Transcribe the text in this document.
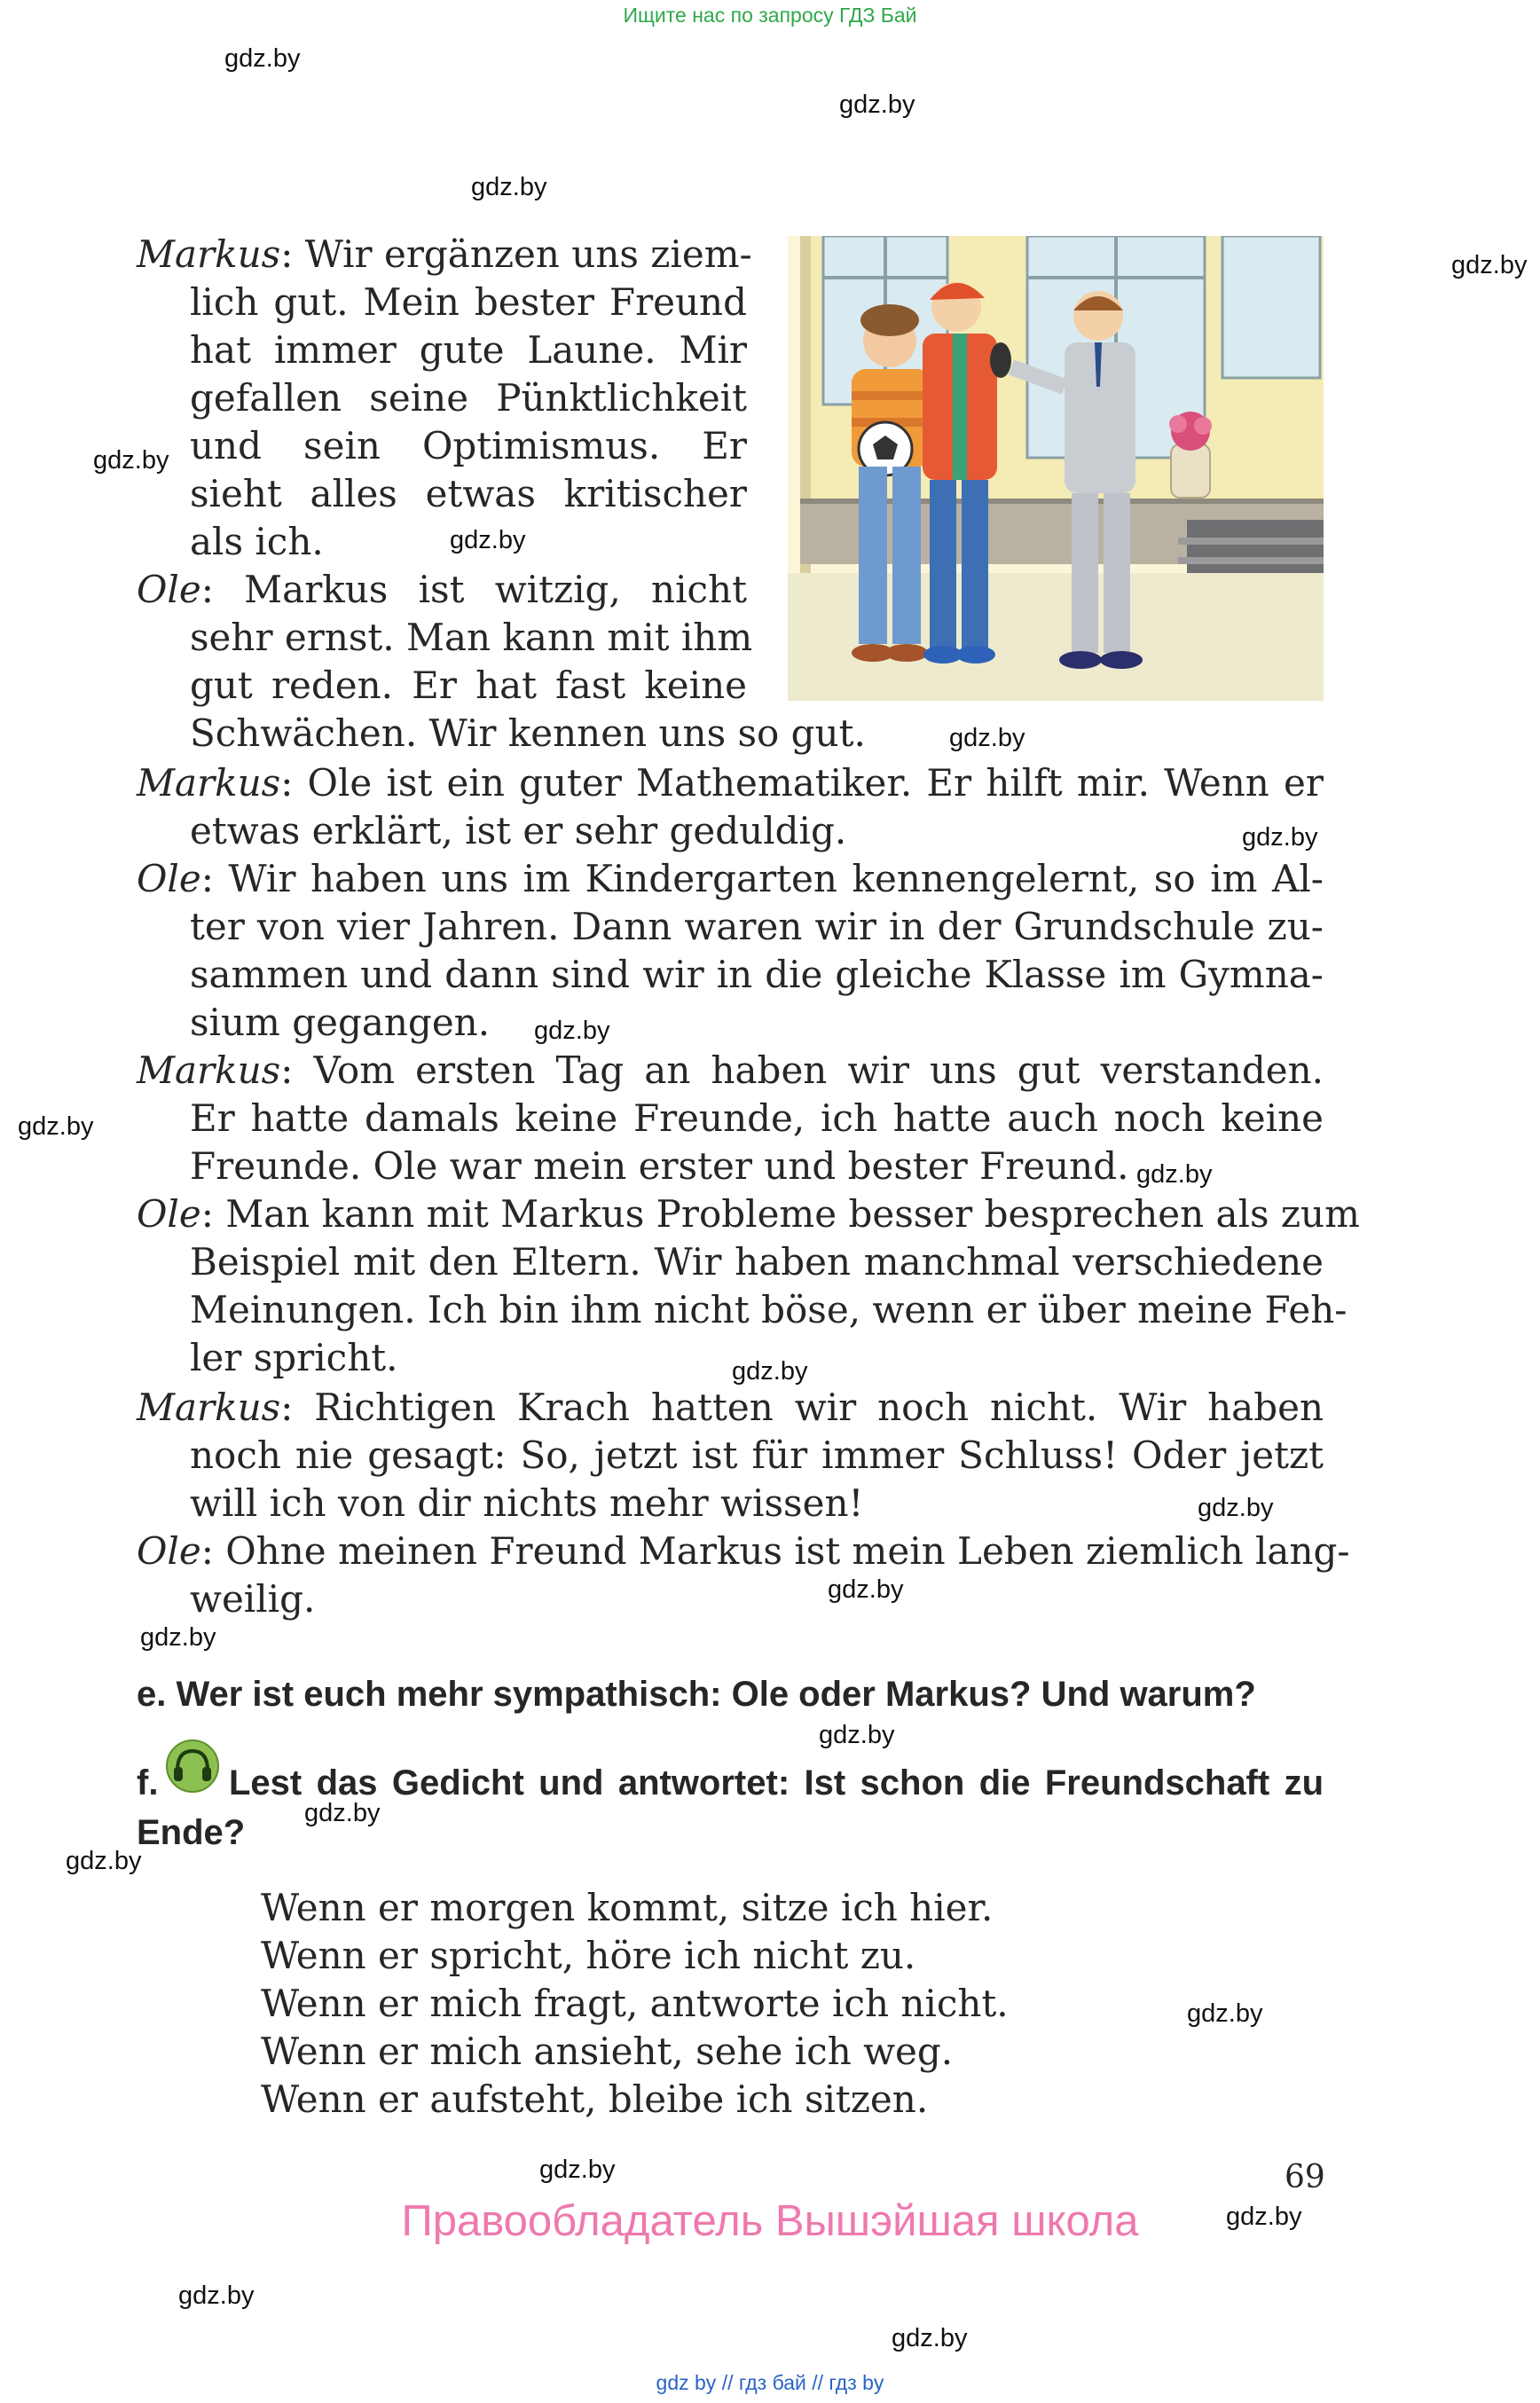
Ищите нас по запросу ГДЗ Бай
gdz.by
gdz.by
gdz.by
gdz.by
gdz.by
gdz.by
gdz.by
gdz.by
gdz.by
gdz.by
gdz.by
gdz.by
gdz.by
gdz.by
gdz.by
gdz.by
gdz.by
gdz.by
gdz.by
gdz.by
gdz.by
gdz.by
gdz.by
Markus: Wir ergänzen uns ziem-
lich gut. Mein bester Freund
hat immer gute Laune. Mir
gefallen seine Pünktlichkeit
und sein Optimismus. Er
sieht alles etwas kritischer
als ich.
Ole: Markus ist witzig, nicht
sehr ernst. Man kann mit ihm
gut reden. Er hat fast keine
Schwächen. Wir kennen uns so gut.
Markus: Ole ist ein guter Mathematiker. Er hilft mir. Wenn er
etwas erklärt, ist er sehr geduldig.
Ole: Wir haben uns im Kindergarten kennengelernt, so im Al-
ter von vier Jahren. Dann waren wir in der Grundschule zu-
sammen und dann sind wir in die gleiche Klasse im Gymna-
sium gegangen.
Markus: Vom ersten Tag an haben wir uns gut verstanden.
Er hatte damals keine Freunde, ich hatte auch noch keine
Freunde. Ole war mein erster und bester Freund.
Ole: Man kann mit Markus Probleme besser besprechen als zum
Beispiel mit den Eltern. Wir haben manchmal verschiedene
Meinungen. Ich bin ihm nicht böse, wenn er über meine Feh-
ler spricht.
Markus: Richtigen Krach hatten wir noch nicht. Wir haben
noch nie gesagt: So, jetzt ist für immer Schluss! Oder jetzt
will ich von dir nichts mehr wissen!
Ole: Ohne meinen Freund Markus ist mein Leben ziemlich lang-
weilig.
e. Wer ist euch mehr sympathisch: Ole oder Markus? Und warum?
f. Lest das Gedicht und antwortet: Ist schon die Freundschaft zu
Ende?
Wenn er morgen kommt, sitze ich hier.
Wenn er spricht, höre ich nicht zu.
Wenn er mich fragt, antworte ich nicht.
Wenn er mich ansieht, sehe ich weg.
Wenn er aufsteht, bleibe ich sitzen.
69
Правообладатель Вышэйшая школа
gdz by // гдз бай // гдз by
